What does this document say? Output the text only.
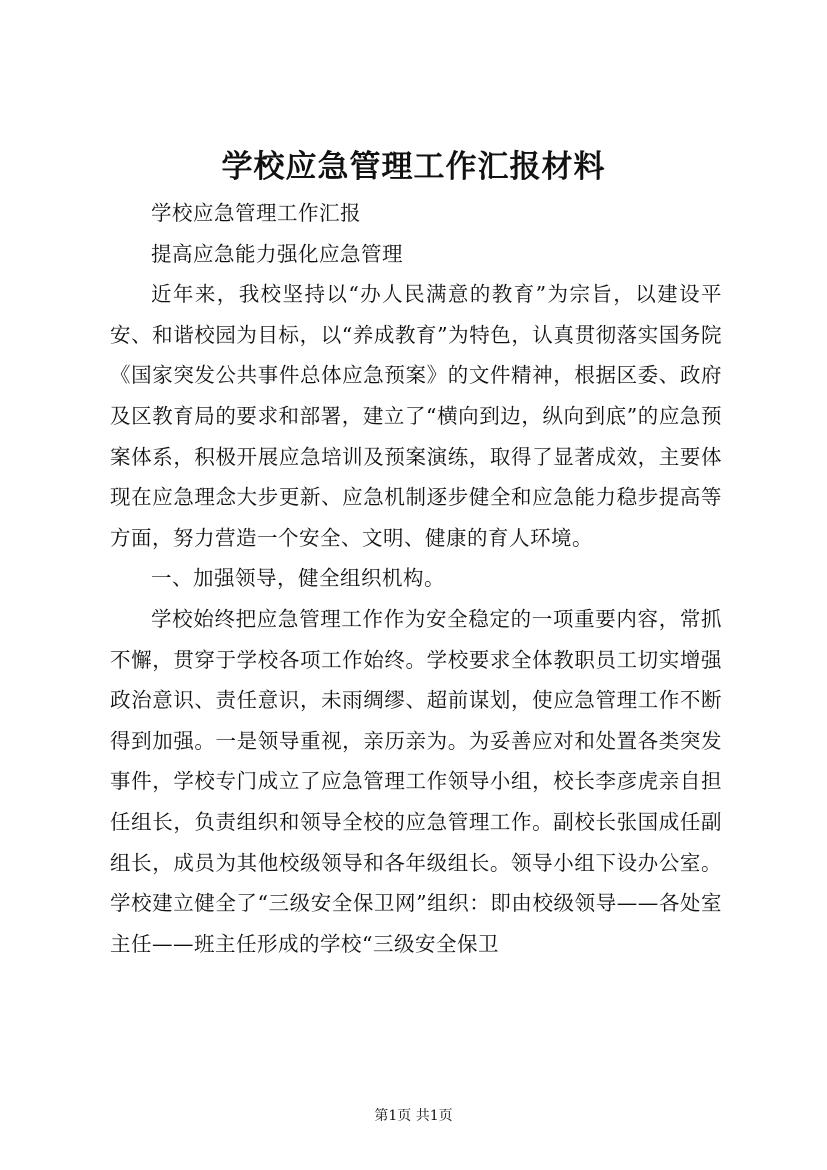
学校应急管理工作汇报材料

学校应急管理工作汇报

提高应急能力强化应急管理

近年来，我校坚持以“办人民满意的教育”为宗旨，以建设平安、和谐校园为目标，以“养成教育”为特色，认真贯彻落实国务院《国家突发公共事件总体应急预案》的文件精神，根据区委、政府及区教育局的要求和部署，建立了“横向到边，纵向到底”的应急预案体系，积极开展应急培训及预案演练，取得了显著成效，主要体现在应急理念大步更新、应急机制逐步健全和应急能力稳步提高等方面，努力营造一个安全、文明、健康的育人环境。

一、加强领导，健全组织机构。

学校始终把应急管理工作作为安全稳定的一项重要内容，常抓不懈，贯穿于学校各项工作始终。学校要求全体教职员工切实增强政治意识、责任意识，未雨绸缪、超前谋划，使应急管理工作不断得到加强。一是领导重视，亲历亲为。为妥善应对和处置各类突发事件，学校专门成立了应急管理工作领导小组，校长李彦虎亲自担任组长，负责组织和领导全校的应急管理工作。副校长张国成任副组长，成员为其他校级领导和各年级组长。领导小组下设办公室。学校建立健全了“三级安全保卫网”组织：即由校级领导——各处室主任——班主任形成的学校“三级安全保卫

第1页 共1页
